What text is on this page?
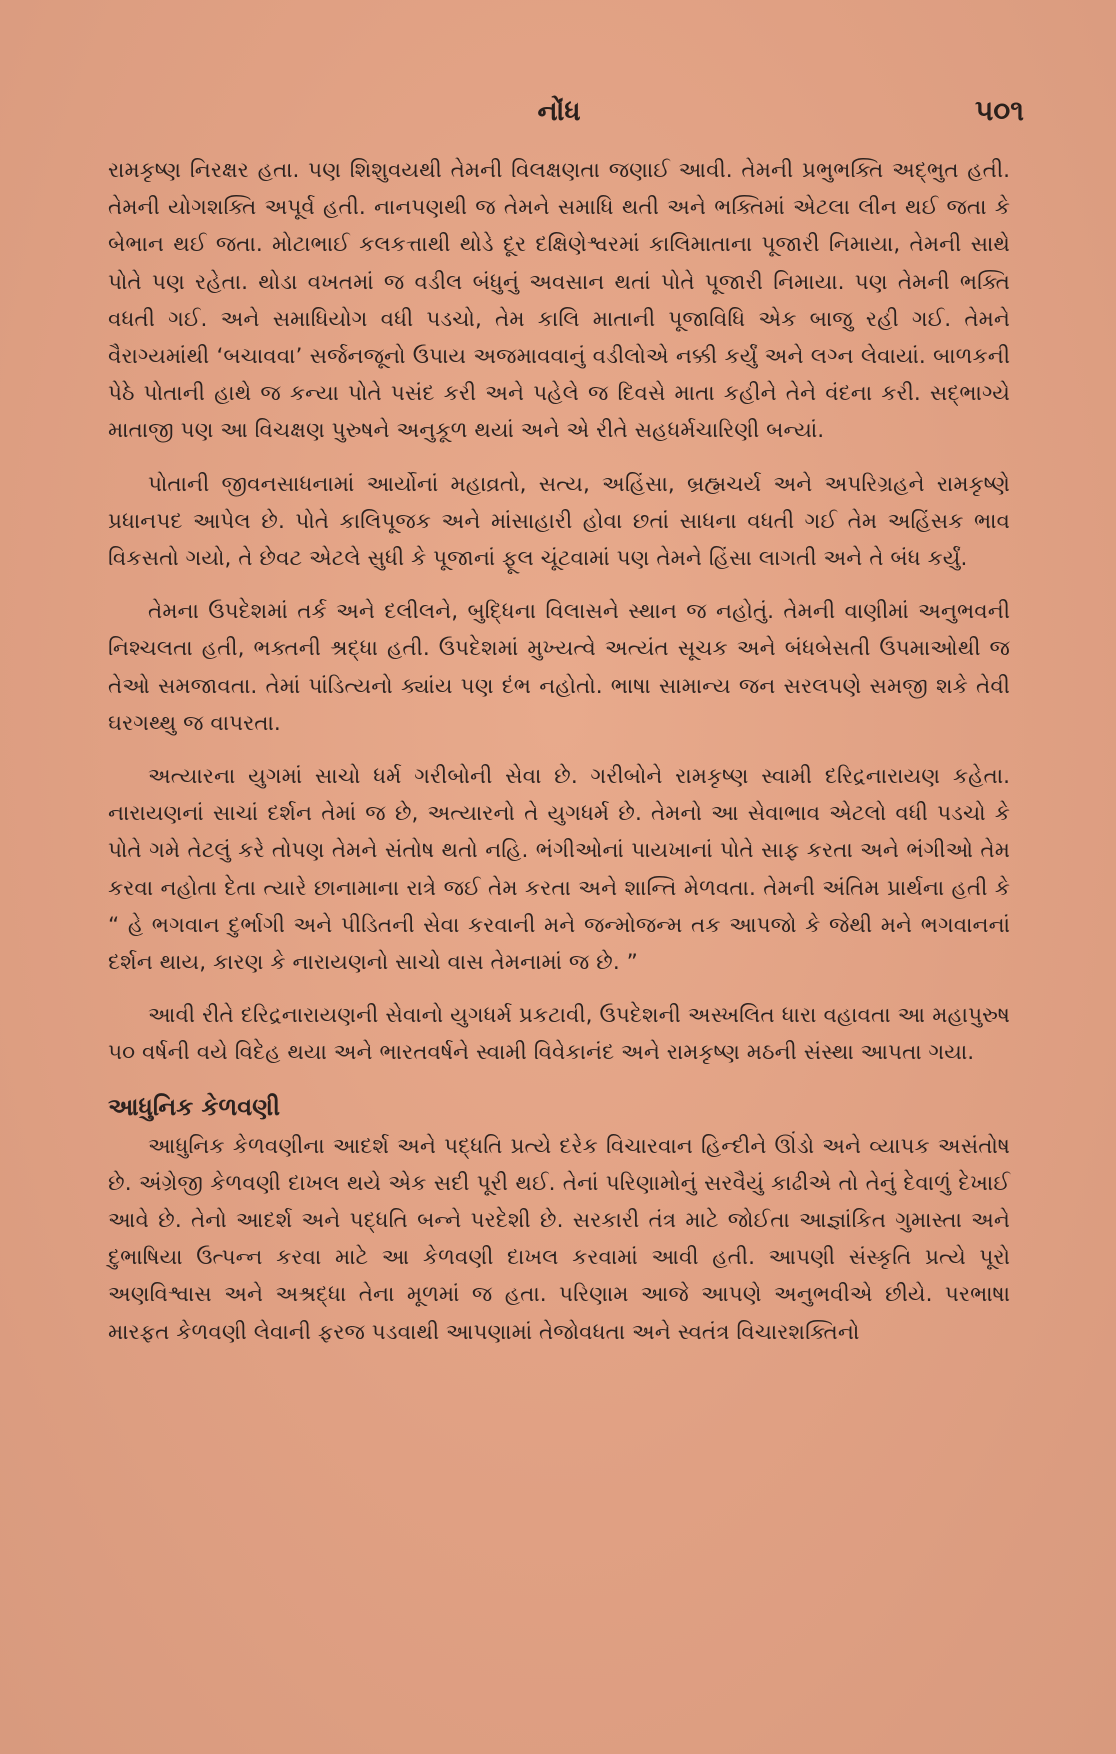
નોંધ	૫૦૧

રામકૃષ્ણ નિરક્ષર હતા. પણ શિશુવયથી તેમની વિલક્ષણતા જણાઈ આવી. તેમની પ્રભુભક્તિ અદ્ભુત હતી. તેમની યોગશક્તિ અપૂર્વ હતી. નાનપણથી જ તેમને સમાધિ થતી અને ભક્તિમાં એટલા લીન થઈ જતા કે બેભાન થઈ જતા. મોટાભાઈ કલકત્તાથી થોડે દૂર દક્ષિણેશ્વરમાં કાલિમાતાના પૂજારી નિમાયા, તેમની સાથે પોતે પણ રહેતા. થોડા વખતમાં જ વડીલ બંધુનું અવસાન થતાં પોતે પૂજારી નિમાયા. પણ તેમની ભક્તિ વધતી ગઈ. અને સમાધિયોગ વધી પડચો, તેમ કાલિ માતાની પૂજાવિધિ એક બાજુ રહી ગઈ. તેમને વૈરાગ્યમાંથી ‘બચાવવા’ સર્જનજૂનો ઉપાય અજમાવવાનું વડીલોએ નક્કી કર્યું અને લગ્ન લેવાયાં. બાળકની પેઠે પોતાની હાથે જ કન્યા પોતે પસંદ કરી અને પહેલે જ દિવસે માતા કહીને તેને વંદના કરી. સદ્ભાગ્યે માતાજી પણ આ વિચક્ષણ પુરુષને અનુકૂળ થયાં અને એ રીતે સહધર્મચારિણી બન્યાં.

પોતાની જીવનસાધનામાં આર્યોનાં મહાવ્રતો, સત્ય, અહિંસા, બ્રહ્મચર્ય અને અપરિગ્રહને રામકૃષ્ણે પ્રધાનપદ આપેલ છે. પોતે કાલિપૂજક અને માંસાહારી હોવા છતાં સાધના વધતી ગઈ તેમ અહિંસક ભાવ વિકસતો ગયો, તે છેવટ એટલે સુધી કે પૂજાનાં ફૂલ ચૂંટવામાં પણ તેમને હિંસા લાગતી અને તે બંધ કર્યું.

તેમના ઉપદેશમાં તર્ક અને દલીલને, બુદ્ધિના વિલાસને સ્થાન જ નહોતું. તેમની વાણીમાં અનુભવની નિશ્ચલતા હતી, ભક્તની શ્રદ્ધા હતી. ઉપદેશમાં મુખ્યત્વે અત્યંત સૂચક અને બંધબેસતી ઉપમાઓથી જ તેઓ સમજાવતા. તેમાં પાંડિત્યનો ક્યાંય પણ દંભ નહોતો. ભાષા સામાન્ય જન સરલપણે સમજી શકે તેવી ઘરગથ્થુ જ વાપરતા.

અત્યારના યુગમાં સાચો ધર્મ ગરીબોની સેવા છે. ગરીબોને રામકૃષ્ણ સ્વામી દરિદ્રનારાયણ કહેતા. નારાયણનાં સાચાં દર્શન તેમાં જ છે, અત્યારનો તે યુગધર્મ છે. તેમનો આ સેવાભાવ એટલો વધી પડચો કે પોતે ગમે તેટલું કરે તોપણ તેમને સંતોષ થતો નહિ. ભંગીઓનાં પાયખાનાં પોતે સાફ કરતા અને ભંગીઓ તેમ કરવા નહોતા દેતા ત્યારે છાનામાના રાત્રે જઈ તેમ કરતા અને શાન્તિ મેળવતા. તેમની અંતિમ પ્રાર્થના હતી કે “ હે ભગવાન દુર્ભાગી અને પીડિતની સેવા કરવાની મને જન્મોજન્મ તક આપજો કે જેથી મને ભગવાનનાં દર્શન થાય, કારણ કે નારાયણનો સાચો વાસ તેમનામાં જ છે. ”

આવી રીતે દરિદ્રનારાયણની સેવાનો યુગધર્મ પ્રકટાવી, ઉપદેશની અસ્ખલિત ધારા વહાવતા આ મહાપુરુષ ૫૦ વર્ષની વયે વિદેહ થયા અને ભારતવર્ષને સ્વામી વિવેકાનંદ અને રામકૃષ્ણ મઠની સંસ્થા આપતા ગયા.

આધુનિક કેળવણી

આધુનિક કેળવણીના આદર્શ અને પદ્ધતિ પ્રત્યે દરેક વિચારવાન હિન્દીને ઊંડો અને વ્યાપક અસંતોષ છે. અંગ્રેજી કેળવણી દાખલ થયે એક સદી પૂરી થઈ. તેનાં પરિણામોનું સરવૈયું કાઢીએ તો તેનું દેવાળું દેખાઈ આવે છે. તેનો આદર્શ અને પદ્ધતિ બન્ને પરદેશી છે. સરકારી તંત્ર માટે જોઈતા આજ્ઞાંકિત ગુમાસ્તા અને દુભાષિયા ઉત્પન્ન કરવા માટે આ કેળવણી દાખલ કરવામાં આવી હતી. આપણી સંસ્કૃતિ પ્રત્યે પૂરો અણવિશ્વાસ અને અશ્રદ્ધા તેના મૂળમાં જ હતા. પરિણામ આજે આપણે અનુભવીએ છીયે. પરભાષા મારફત કેળવણી લેવાની ફરજ પડવાથી આપણામાં તેજોવધતા અને સ્વતંત્ર વિચારશક્તિનો
